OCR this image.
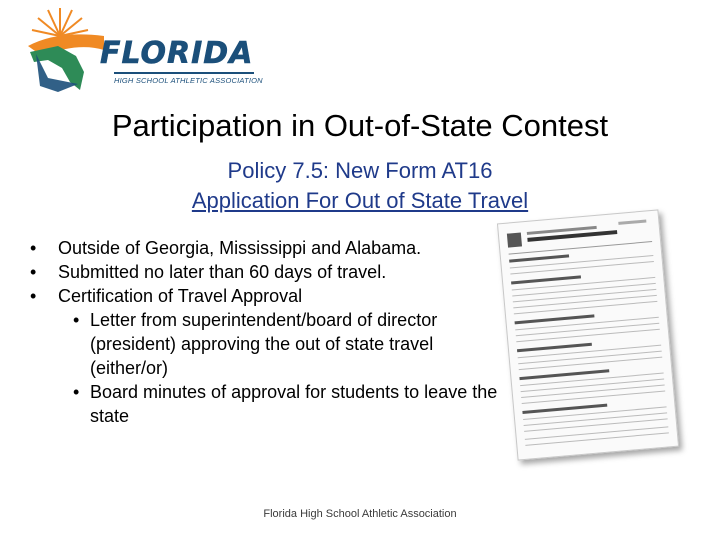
FLORIDA
HIGH SCHOOL ATHLETIC ASSOCIATION
Participation in Out-of-State Contest
Policy 7.5: New Form AT16
Application For Out of State Travel
• Outside of Georgia, Mississippi and Alabama.
• Submitted no later than 60 days of travel.
• Certification of Travel Approval
• Letter from superintendent/board of director (president) approving the out of state travel (either/or)
• Board minutes of approval for students to leave the state
Florida High School Athletic Association
